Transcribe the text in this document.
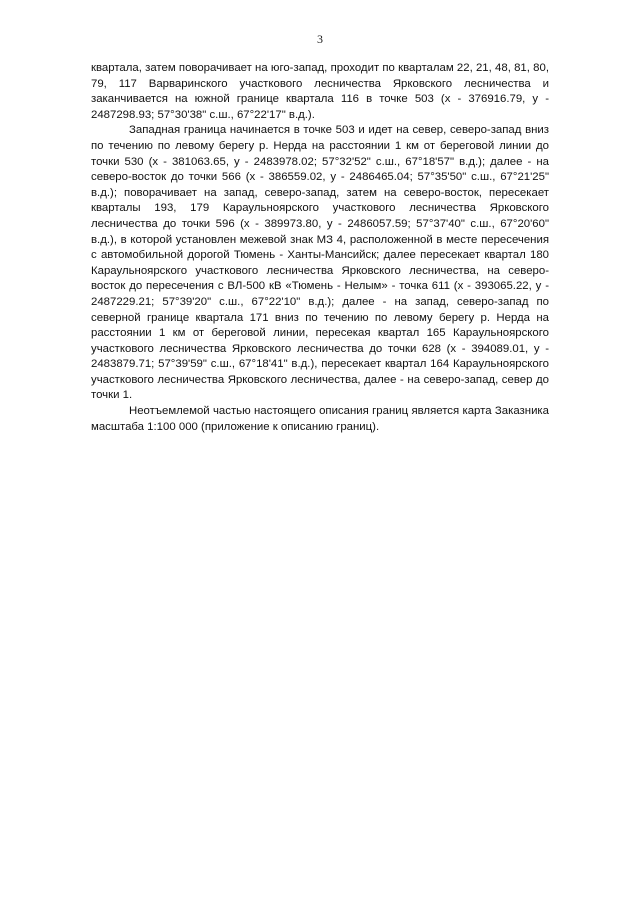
3

квартала, затем поворачивает на юго-запад, проходит по кварталам 22, 21, 48, 81, 80, 79, 117 Варваринского участкового лесничества Ярковского лесничества и заканчивается на южной границе квартала 116 в точке 503 (x - 376916.79, y - 2487298.93; 57°30'38" с.ш., 67°22'17" в.д.).

Западная граница начинается в точке 503 и идет на север, северо-запад вниз по течению по левому берегу р. Нерда на расстоянии 1 км от береговой линии до точки 530 (x - 381063.65, y - 2483978.02; 57°32'52" с.ш., 67°18'57" в.д.); далее - на северо-восток до точки 566 (x - 386559.02, y - 2486465.04; 57°35'50" с.ш., 67°21'25" в.д.); поворачивает на запад, северо-запад, затем на северо-восток, пересекает кварталы 193, 179 Караульноярского участкового лесничества Ярковского лесничества до точки 596 (x - 389973.80, y - 2486057.59; 57°37'40" с.ш., 67°20'60" в.д.), в которой установлен межевой знак МЗ 4, расположенной в месте пересечения с автомобильной дорогой Тюмень - Ханты-Мансийск; далее пересекает квартал 180 Караульноярского участкового лесничества Ярковского лесничества, на северо-восток до пересечения с ВЛ-500 кВ «Тюмень - Нелым» - точка 611 (x - 393065.22, y - 2487229.21; 57°39'20" с.ш., 67°22'10" в.д.); далее - на запад, северо-запад по северной границе квартала 171 вниз по течению по левому берегу р. Нерда на расстоянии 1 км от береговой линии, пересекая квартал 165 Караульноярского участкового лесничества Ярковского лесничества до точки 628 (x - 394089.01, y - 2483879.71; 57°39'59" с.ш., 67°18'41" в.д.), пересекает квартал 164 Караульноярского участкового лесничества Ярковского лесничества, далее - на северо-запад, север до точки 1.

Неотъемлемой частью настоящего описания границ является карта Заказника масштаба 1:100 000 (приложение к описанию границ).
